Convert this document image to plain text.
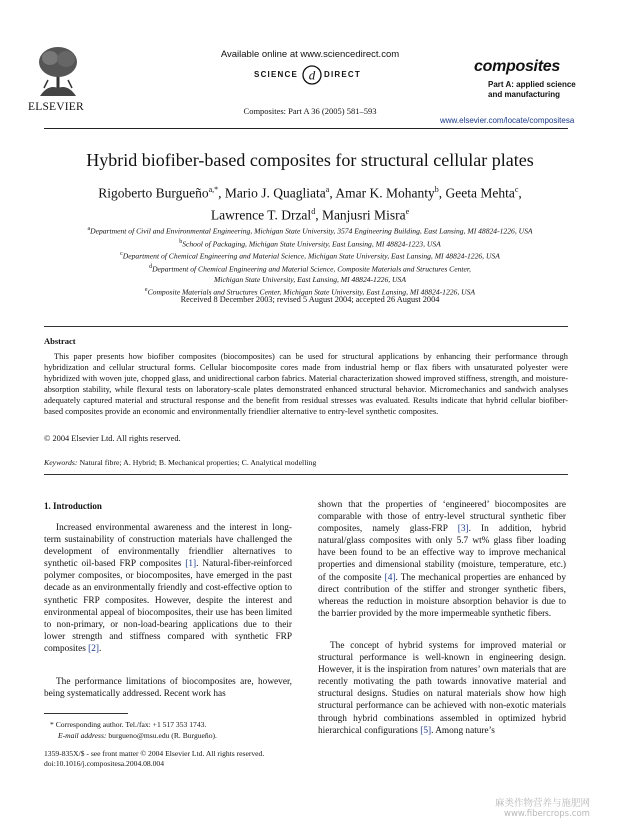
ELSEVIER
Available online at www.sciencedirect.com
SCIENCE d DIRECT
Composites: Part A 36 (2005) 581–593
composites
Part A: applied science
and manufacturing
www.elsevier.com/locate/compositesa
Hybrid biofiber-based composites for structural cellular plates
Rigoberto Burgueño$^{a,*}$, Mario J. Quagliata$^a$, Amar K. Mohanty$^b$, Geeta Mehta$^c$,
Lawrence T. Drzal$^d$, Manjusri Misra$^e$
$^a$Department of Civil and Environmental Engineering, Michigan State University, 3574 Engineering Building, East Lansing, MI 48824-1226, USA
$^b$School of Packaging, Michigan State University, East Lansing, MI 48824-1223, USA
$^c$Department of Chemical Engineering and Material Science, Michigan State University, East Lansing, MI 48824-1226, USA
$^d$Department of Chemical Engineering and Material Science, Composite Materials and Structures Center,
Michigan State University, East Lansing, MI 48824-1226, USA
$^e$Composite Materials and Structures Center, Michigan State University, East Lansing, MI 48824-1226, USA
Received 8 December 2003; revised 5 August 2004; accepted 26 August 2004
Abstract
This paper presents how biofiber composites (biocomposites) can be used for structural applications by enhancing their performance through hybridization and cellular structural forms. Cellular biocomposite cores made from industrial hemp or flax fibers with unsaturated polyester were hybridized with woven jute, chopped glass, and unidirectional carbon fabrics. Material characterization showed improved stiffness, strength, and moisture-absorption stability, while flexural tests on laboratory-scale plates demonstrated enhanced structural behavior. Micromechanics and sandwich analyses adequately captured material and structural response and the benefit from residual stresses was evaluated. Results indicate that hybrid cellular biofiber-based composites provide an economic and environmentally friendlier alternative to entry-level synthetic composites.
© 2004 Elsevier Ltd. All rights reserved.
Keywords: Natural fibre; A. Hybrid; B. Mechanical properties; C. Analytical modelling
1. Introduction
Increased environmental awareness and the interest in long-term sustainability of construction materials have challenged the development of environmentally friendlier alternatives to synthetic oil-based FRP composites [1]. Natural-fiber-reinforced polymer composites, or biocomposites, have emerged in the past decade as an environmentally friendly and cost-effective option to synthetic FRP composites. However, despite the interest and environmental appeal of biocomposites, their use has been limited to non-primary, or non-load-bearing applications due to their lower strength and stiffness compared with synthetic FRP composites [2].
The performance limitations of biocomposites are, however, being systematically addressed. Recent work has
shown that the properties of ‘engineered’ biocomposites are comparable with those of entry-level structural synthetic fiber composites, namely glass-FRP [3]. In addition, hybrid natural/glass composites with only 5.7 wt% glass fiber loading have been found to be an effective way to improve mechanical properties and dimensional stability (moisture, temperature, etc.) of the composite [4]. The mechanical properties are enhanced by direct contribution of the stiffer and stronger synthetic fibers, whereas the reduction in moisture absorption behavior is due to the barrier provided by the more impermeable synthetic fibers.
The concept of hybrid systems for improved material or structural performance is well-known in engineering design. However, it is the inspiration from natures’ own materials that are recently motivating the path towards innovative material and structural designs. Studies on natural materials show how high structural performance can be achieved with non-exotic materials through hybrid combinations assembled in optimized hybrid hierarchical configurations [5]. Among nature’s
* Corresponding author. Tel./fax: +1 517 353 1743.
E-mail address: burgueno@msu.edu (R. Burgueño).
1359-835X/$ - see front matter © 2004 Elsevier Ltd. All rights reserved.
doi:10.1016/j.compositesa.2004.08.004
麻类作物营养与施肥网
www.fibercrops.com
